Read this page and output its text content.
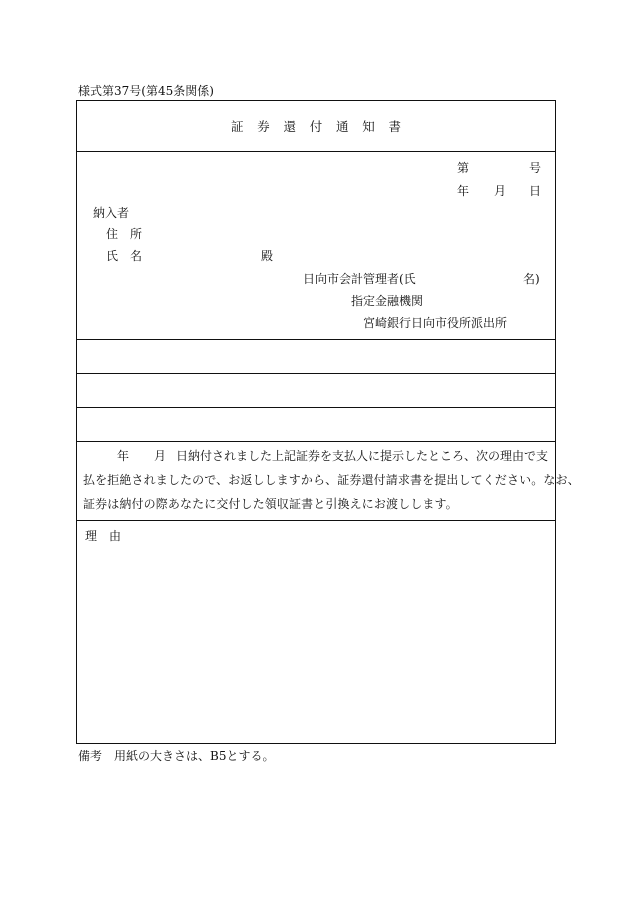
様式第37号(第45条関係)
証券還付通知書
第	号
年 月 日
納入者
住　所
氏　名	殿
日向市会計管理者(氏	名)
指定金融機関
宮崎銀行日向市役所派出所
年 月 日納付されました上記証券を支払人に提示したところ、次の理由で支
払を拒絶されましたので、お返ししますから、証券還付請求書を提出してください。なお、
証券は納付の際あなたに交付した領収証書と引換えにお渡しします。
理　由
備考　用紙の大きさは、B5とする。
